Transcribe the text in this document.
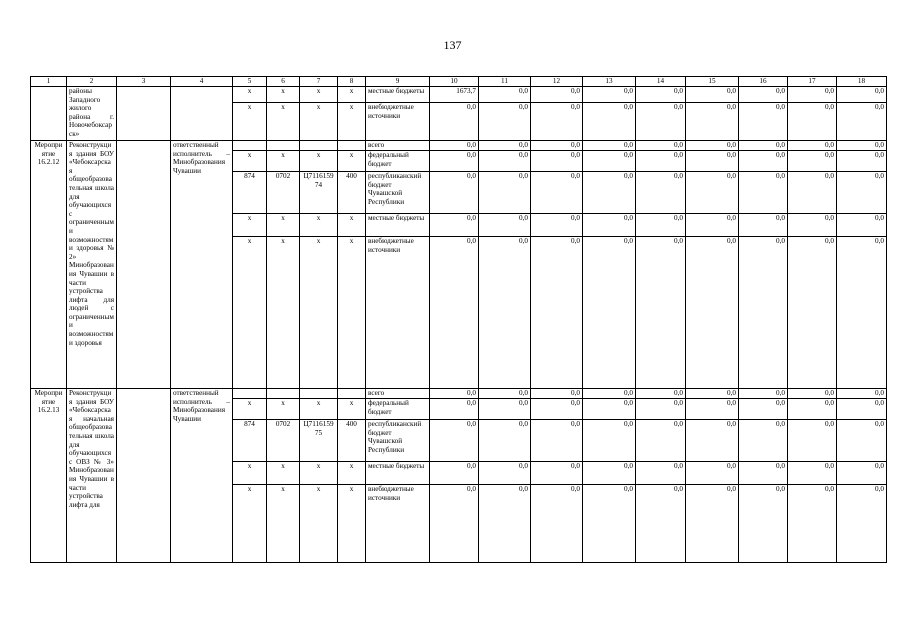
137
1	2	3	4	5	6	7	8	9	10	11	12	13	14	15	16	17	18
	районы Западного жилого района г. Новочебоксарск»			х	х	х	х	местные бюджеты	1673,7	0,0	0,0	0,0	0,0	0,0	0,0	0,0	0,0
				х	х	х	х	внебюджетные источники	0,0	0,0	0,0	0,0	0,0	0,0	0,0	0,0	0,0
Мероприятие 16.2.12	Реконструкция здания БОУ «Чебоксарская общеобразовательная школа для обучающихся с ограниченными возможностями здоровья № 2» Минобразования Чувашии в части устройства лифта для людей с ограниченными возможностями здоровья		ответственный исполнитель – Минобразования Чувашии					всего	0,0	0,0	0,0	0,0	0,0	0,0	0,0	0,0	0,0
				х	х	х	х	федеральный бюджет	0,0	0,0	0,0	0,0	0,0	0,0	0,0	0,0	0,0
				874	0702	Ц711615974	400	республиканский бюджет Чувашской Республики	0,0	0,0	0,0	0,0	0,0	0,0	0,0	0,0	0,0
				х	х	х	х	местные бюджеты	0,0	0,0	0,0	0,0	0,0	0,0	0,0	0,0	0,0
				х	х	х	х	внебюджетные источники	0,0	0,0	0,0	0,0	0,0	0,0	0,0	0,0	0,0
Мероприятие 16.2.13	Реконструкция здания БОУ «Чебоксарская начальная общеобразовательная школа для обучающихся с ОВЗ № 3» Минобразования Чувашии в части устройства лифта для		ответственный исполнитель – Минобразования Чувашии					всего	0,0	0,0	0,0	0,0	0,0	0,0	0,0	0,0	0,0
				х	х	х	х	федеральный бюджет	0,0	0,0	0,0	0,0	0,0	0,0	0,0	0,0	0,0
				874	0702	Ц711615975	400	республиканский бюджет Чувашской Республики	0,0	0,0	0,0	0,0	0,0	0,0	0,0	0,0	0,0
				х	х	х	х	местные бюджеты	0,0	0,0	0,0	0,0	0,0	0,0	0,0	0,0	0,0
				х	х	х	х	внебюджетные источники	0,0	0,0	0,0	0,0	0,0	0,0	0,0	0,0	0,0
